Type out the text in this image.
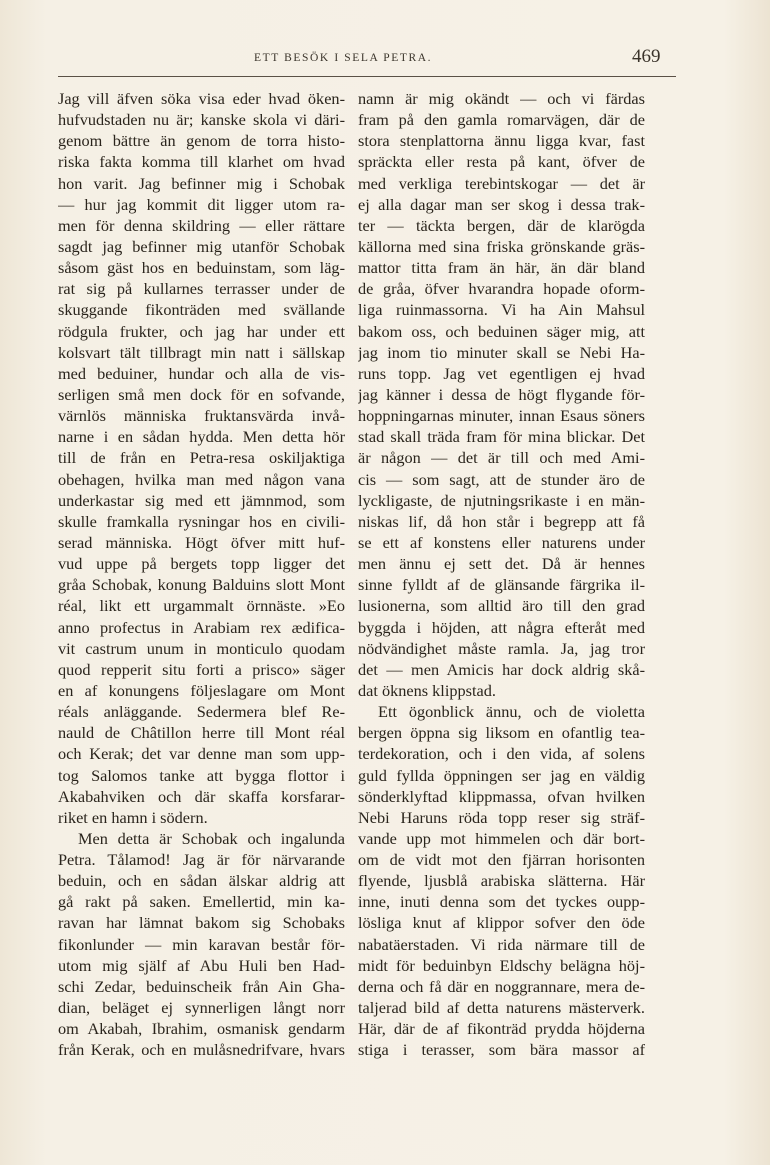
ETT BESÖK I SELA PETRA.	469
Jag vill äfven söka visa eder hvad öken-
hufvudstaden nu är; kanske skola vi däri-
genom bättre än genom de torra histo-
riska fakta komma till klarhet om hvad
hon varit. Jag befinner mig i Schobak
— hur jag kommit dit ligger utom ra-
men för denna skildring — eller rättare
sagdt jag befinner mig utanför Schobak
såsom gäst hos en beduinstam, som läg-
rat sig på kullarnes terrasser under de
skuggande fikonträden med svällande
rödgula frukter, och jag har under ett
kolsvart tält tillbragt min natt i sällskap
med beduiner, hundar och alla de vis-
serligen små men dock för en sofvande,
värnlös människa fruktansvärda invå-
narne i en sådan hydda. Men detta hör
till de från en Petra-resa oskiljaktiga
obehagen, hvilka man med någon vana
underkastar sig med ett jämnmod, som
skulle framkalla rysningar hos en civili-
serad människa. Högt öfver mitt huf-
vud uppe på bergets topp ligger det
gråa Schobak, konung Balduins slott Mont
réal, likt ett urgammalt örnnäste. »Eo
anno profectus in Arabiam rex ædifica-
vit castrum unum in monticulo quodam
quod repperit situ forti a prisco» säger
en af konungens följeslagare om Mont
réals anläggande. Sedermera blef Re-
nauld de Châtillon herre till Mont réal
och Kerak; det var denne man som upp-
tog Salomos tanke att bygga flottor i
Akabahviken och där skaffa korsfarar-
riket en hamn i södern.
Men detta är Schobak och ingalunda
Petra. Tålamod! Jag är för närvarande
beduin, och en sådan älskar aldrig att
gå rakt på saken. Emellertid, min ka-
ravan har lämnat bakom sig Schobaks
fikonlunder — min karavan består för-
utom mig själf af Abu Huli ben Had-
schi Zedar, beduinscheik från Ain Gha-
dian, beläget ej synnerligen långt norr
om Akabah, Ibrahim, osmanisk gendarm
från Kerak, och en mulåsnedrifvare, hvars
namn är mig okändt — och vi färdas
fram på den gamla romarvägen, där de
stora stenplattorna ännu ligga kvar, fast
spräckta eller resta på kant, öfver de
med verkliga terebintskogar — det är
ej alla dagar man ser skog i dessa trak-
ter — täckta bergen, där de klarögda
källorna med sina friska grönskande gräs-
mattor titta fram än här, än där bland
de gråa, öfver hvarandra hopade oform-
liga ruinmassorna. Vi ha Ain Mahsul
bakom oss, och beduinen säger mig, att
jag inom tio minuter skall se Nebi Ha-
runs topp. Jag vet egentligen ej hvad
jag känner i dessa de högt flygande för-
hoppningarnas minuter, innan Esaus söners
stad skall träda fram för mina blickar. Det
är någon — det är till och med Ami-
cis — som sagt, att de stunder äro de
lyckligaste, de njutningsrikaste i en män-
niskas lif, då hon står i begrepp att få
se ett af konstens eller naturens under
men ännu ej sett det. Då är hennes
sinne fylldt af de glänsande färgrika il-
lusionerna, som alltid äro till den grad
byggda i höjden, att några efteråt med
nödvändighet måste ramla. Ja, jag tror
det — men Amicis har dock aldrig skå-
dat öknens klippstad.
Ett ögonblick ännu, och de violetta
bergen öppna sig liksom en ofantlig tea-
terdekoration, och i den vida, af solens
guld fyllda öppningen ser jag en väldig
sönderklyftad klippmassa, ofvan hvilken
Nebi Haruns röda topp reser sig sträf-
vande upp mot himmelen och där bort-
om de vidt mot den fjärran horisonten
flyende, ljusblå arabiska slätterna. Här
inne, inuti denna som det tyckes oupp-
lösliga knut af klippor sofver den öde
nabatäerstaden. Vi rida närmare till de
midt för beduinbyn Eldschy belägna höj-
derna och få där en noggrannare, mera de-
taljerad bild af detta naturens mästerverk.
Här, där de af fikonträd prydda höjderna
stiga i terasser, som bära massor af
